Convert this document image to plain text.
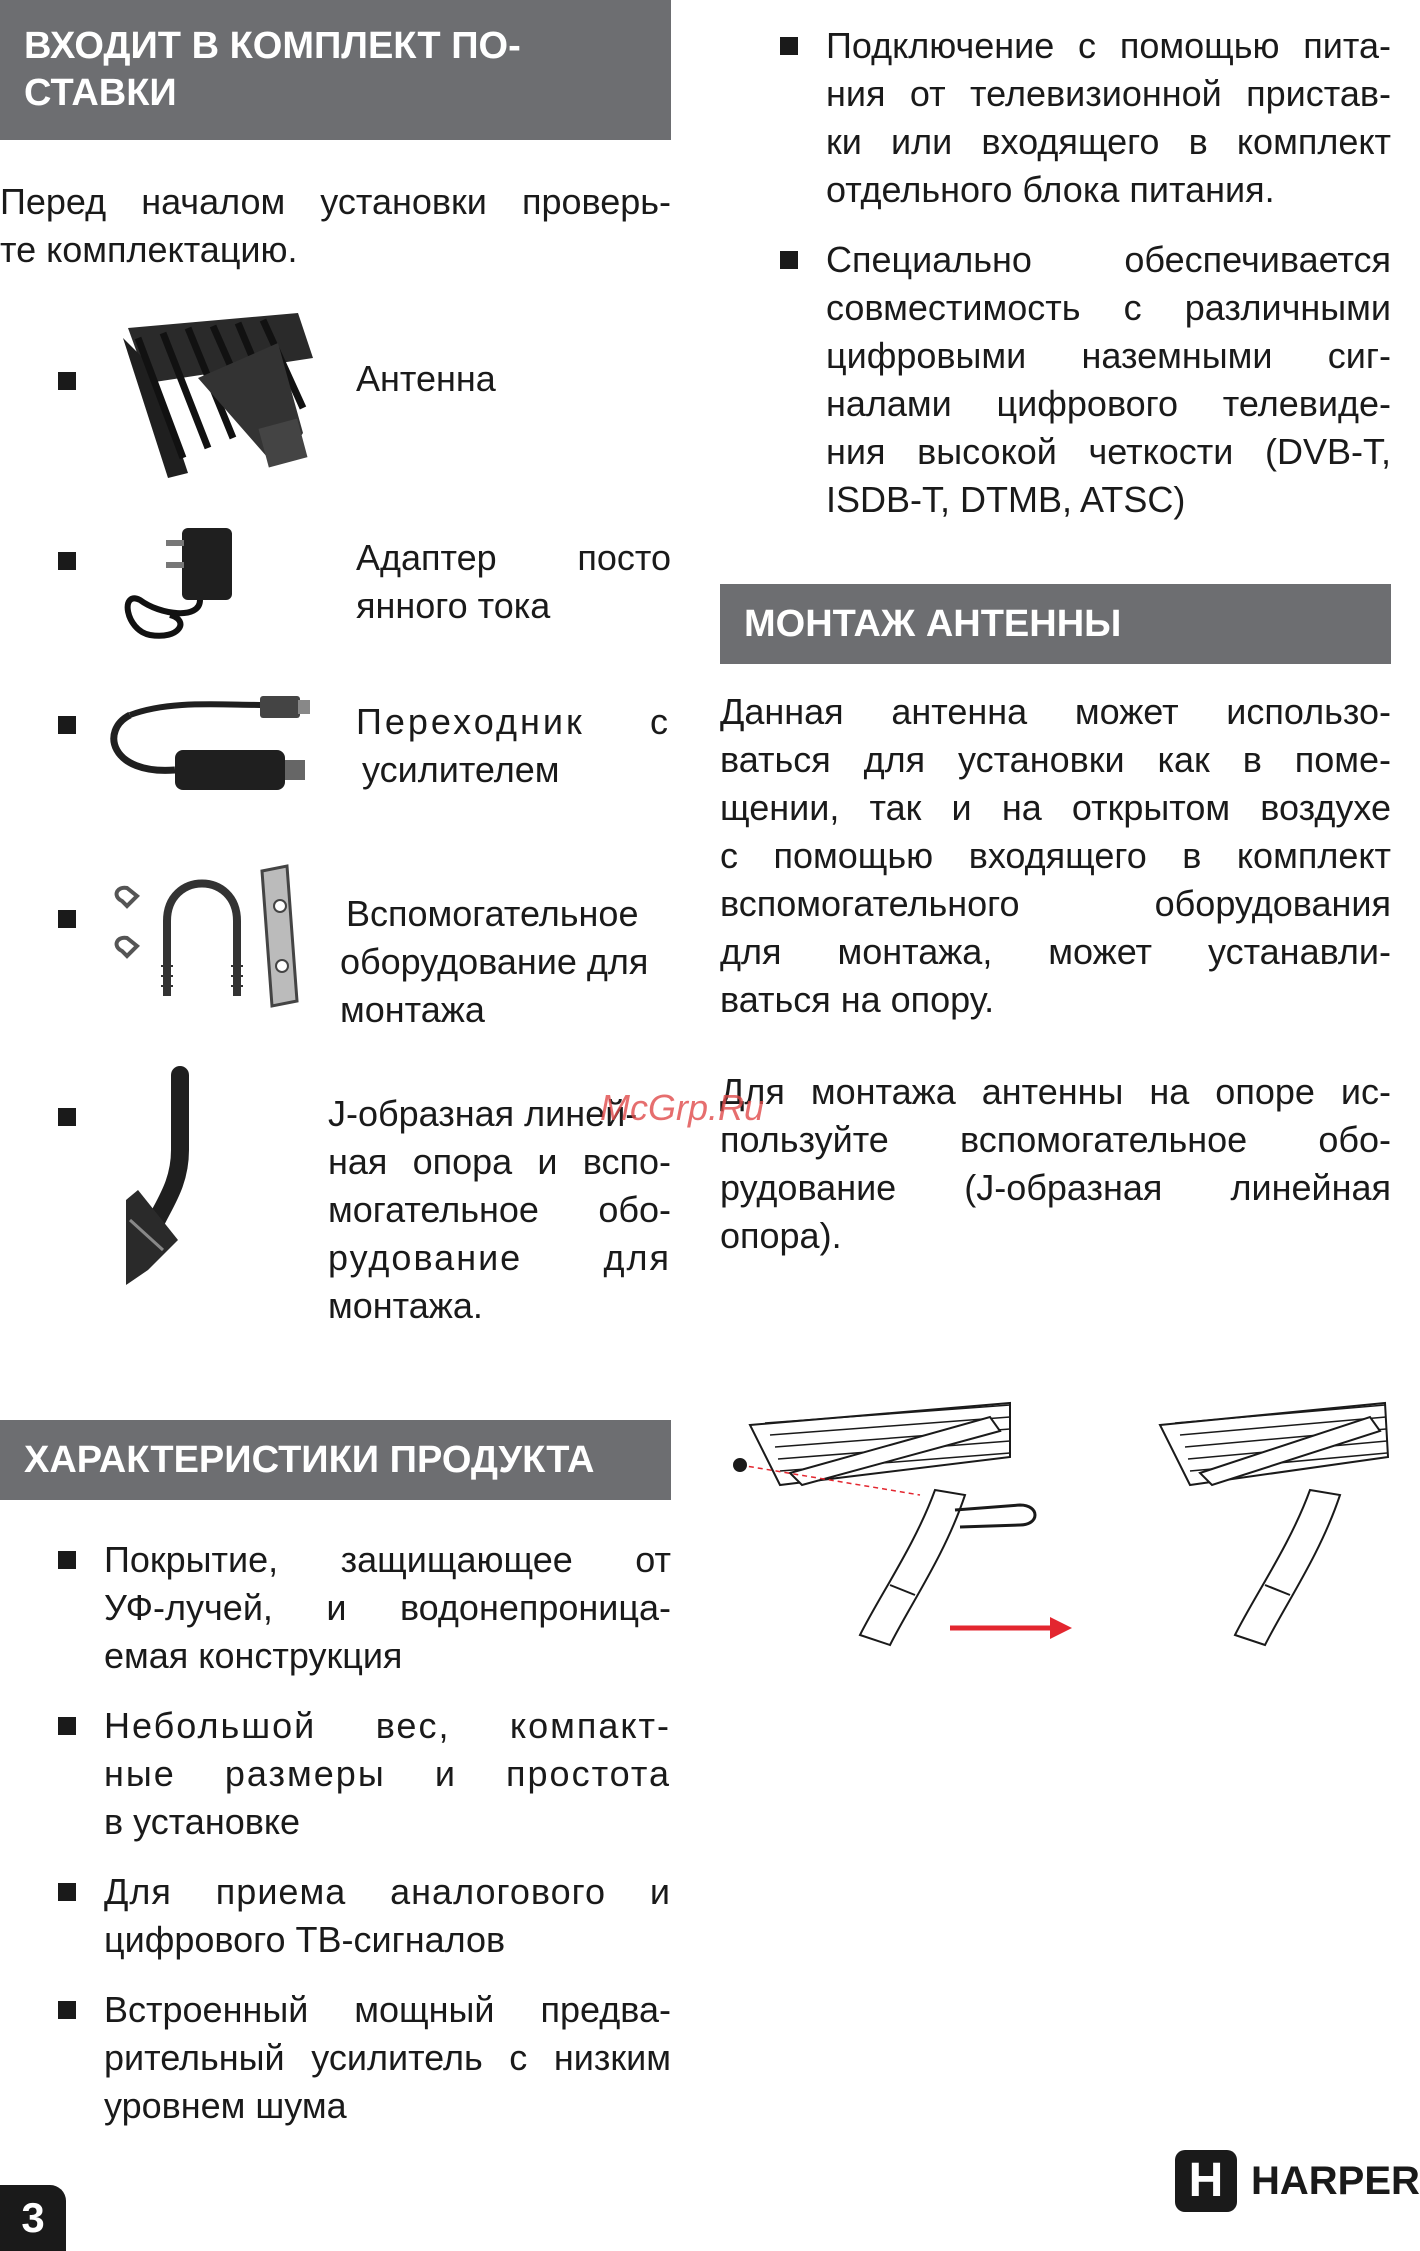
ВХОДИТ В КОМПЛЕКТ ПО-
СТАВКИ
Перед началом установки проверь-
те комплектацию.
Антенна
Адаптер посто
янного тока
Переходник с
усилителем
Вспомогательное
оборудование для
монтажа
J-образная линей-
ная опора и вспо-
могательное обо-
рудование для
монтажа.
ХАРАКТЕРИСТИКИ ПРОДУКТА
Покрытие, защищающее от
УФ-лучей, и водонепроница-
емая конструкция
Небольшой вес, компакт-
ные размеры и простота
в установке
Для приема аналогового и
цифрового ТВ-сигналов
Встроенный мощный предва-
рительный усилитель с низким
уровнем шума
Подключение с помощью пита-
ния от телевизионной пристав-
ки или входящего в комплект
отдельного блока питания.
Специально обеспечивается
совместимость с различными
цифровыми наземными сиг-
налами цифрового телевиде-
ния высокой четкости (DVB-T,
ISDB-T, DTMB, ATSC)
МОНТАЖ АНТЕННЫ
Данная антенна может использо-
ваться для установки как в поме-
щении, так и на открытом воздухе
с помощью входящего в комплект
вспомогательного оборудования
для монтажа, может устанавли-
ваться на опору.
Для монтажа антенны на опоре ис-
пользуйте вспомогательное обо-
рудование (J-образная линейная
опора).
McGrp.Ru
3
H HARPER
